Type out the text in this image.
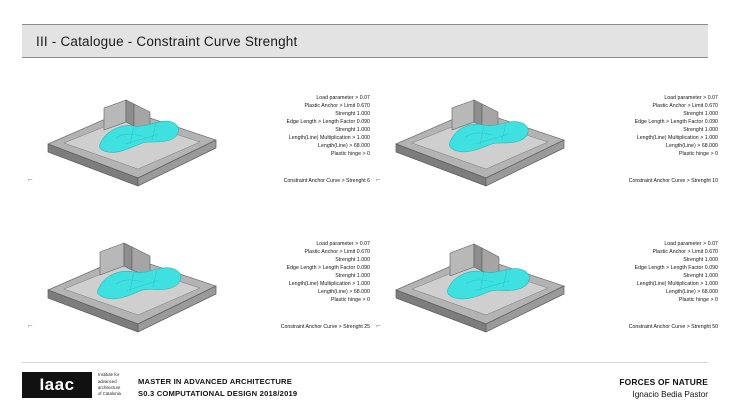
III - Catalogue - Constraint Curve Strenght
Load parameter > 0.07
Plastic Anchor > Limit 0.670
Strenght 1.000
Edge Length > Length Factor 0.090
Strenght 1.000
Length(Line) Multiplication > 1.000
Length(Line) > 68.000
Plastic hinge > 0
Constraint Anchor Curve > Strenght 6
Load parameter > 0.07
Plastic Anchor > Limit 0.670
Strenght 1.000
Edge Length > Length Factor 0.090
Strenght 1.000
Length(Line) Multiplication > 1.000
Length(Line) > 68.000
Plastic hinge > 0
Constraint Anchor Curve > Strenght 10
Load parameter > 0.07
Plastic Anchor > Limit 0.670
Strenght 1.000
Edge Length > Length Factor 0.090
Strenght 1.000
Length(Line) Multiplication > 1.000
Length(Line) > 68.000
Plastic hinge > 0
Constraint Anchor Curve > Strenght 25
Load parameter > 0.07
Plastic Anchor > Limit 0.670
Strenght 1.000
Edge Length > Length Factor 0.090
Strenght 1.000
Length(Line) Multiplication > 1.000
Length(Line) > 68.000
Plastic hinge > 0
Constraint Anchor Curve > Strenght 50
⌐
⌐
⌐
⌐
Iaac
Institute for
advanced
architecture
of Catalonia
MASTER IN ADVANCED ARCHITECTURE
S0.3 COMPUTATIONAL DESIGN 2018/2019
FORCES OF NATURE
Ignacio Bedia Pastor
